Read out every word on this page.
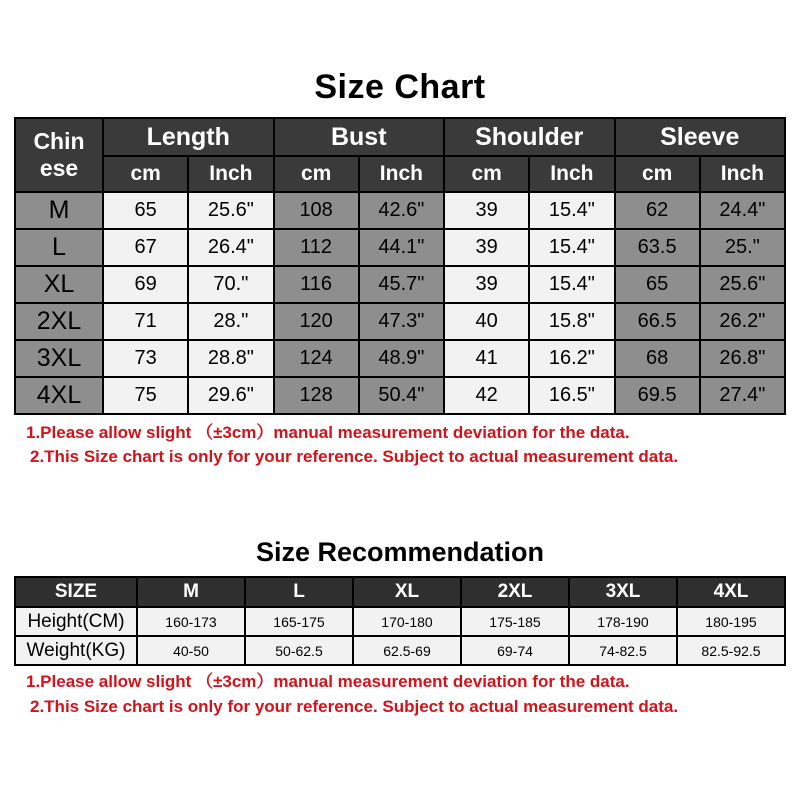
Size Chart
Chin
ese	Length		Bust		Shoulder		Sleeve	
	cm	Inch	cm	Inch	cm	Inch	cm	Inch
M	65	25.6"	108	42.6"	39	15.4"	62	24.4"
L	67	26.4"	112	44.1"	39	15.4"	63.5	25."
XL	69	70."	116	45.7"	39	15.4"	65	25.6"
2XL	71	28."	120	47.3"	40	15.8"	66.5	26.2"
3XL	73	28.8"	124	48.9"	41	16.2"	68	26.8"
4XL	75	29.6"	128	50.4"	42	16.5"	69.5	27.4"
1.Please allow slight （±3cm）manual measurement deviation for the data.
2.This Size chart is only for your reference. Subject to actual measurement data.
Size Recommendation
SIZE	M	L	XL	2XL	3XL	4XL
Height(CM)	160-173	165-175	170-180	175-185	178-190	180-195
Weight(KG)	40-50	50-62.5	62.5-69	69-74	74-82.5	82.5-92.5
1.Please allow slight （±3cm）manual measurement deviation for the data.
2.This Size chart is only for your reference. Subject to actual measurement data.
